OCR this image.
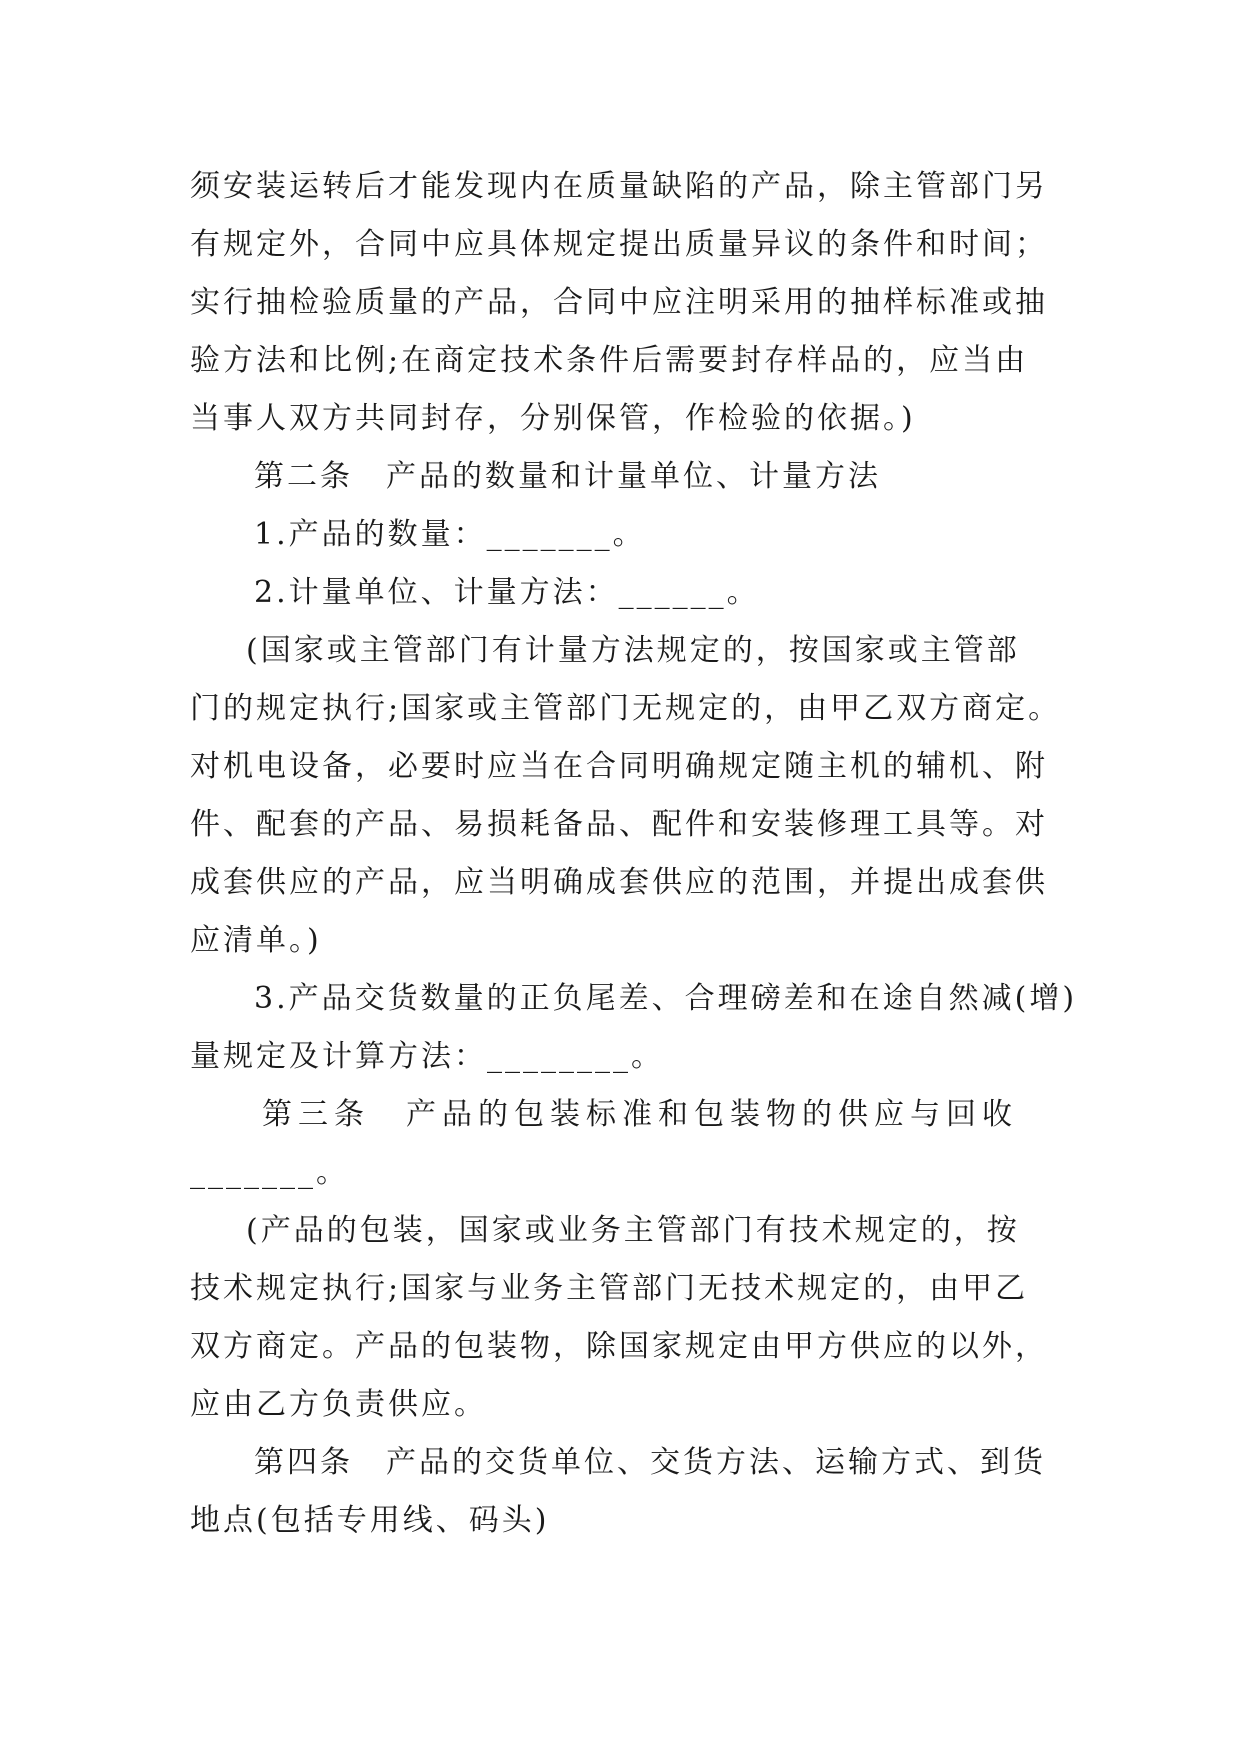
须安装运转后才能发现内在质量缺陷的产品，除主管部门另
有规定外，合同中应具体规定提出质量异议的条件和时间；
实行抽检验质量的产品，合同中应注明采用的抽样标准或抽
验方法和比例;在商定技术条件后需要封存样品的，应当由
当事人双方共同封存，分别保管，作检验的依据。)

第二条　产品的数量和计量单位、计量方法

1.产品的数量：_______。

2.计量单位、计量方法：______。

(国家或主管部门有计量方法规定的，按国家或主管部
门的规定执行;国家或主管部门无规定的，由甲乙双方商定。
对机电设备，必要时应当在合同明确规定随主机的辅机、附
件、配套的产品、易损耗备品、配件和安装修理工具等。对
成套供应的产品，应当明确成套供应的范围，并提出成套供
应清单。)

3.产品交货数量的正负尾差、合理磅差和在途自然减(增)
量规定及计算方法：________。

第三条　产品的包装标准和包装物的供应与回收
_______。

(产品的包装，国家或业务主管部门有技术规定的，按
技术规定执行;国家与业务主管部门无技术规定的，由甲乙
双方商定。产品的包装物，除国家规定由甲方供应的以外，
应由乙方负责供应。

第四条　产品的交货单位、交货方法、运输方式、到货
地点(包括专用线、码头)
